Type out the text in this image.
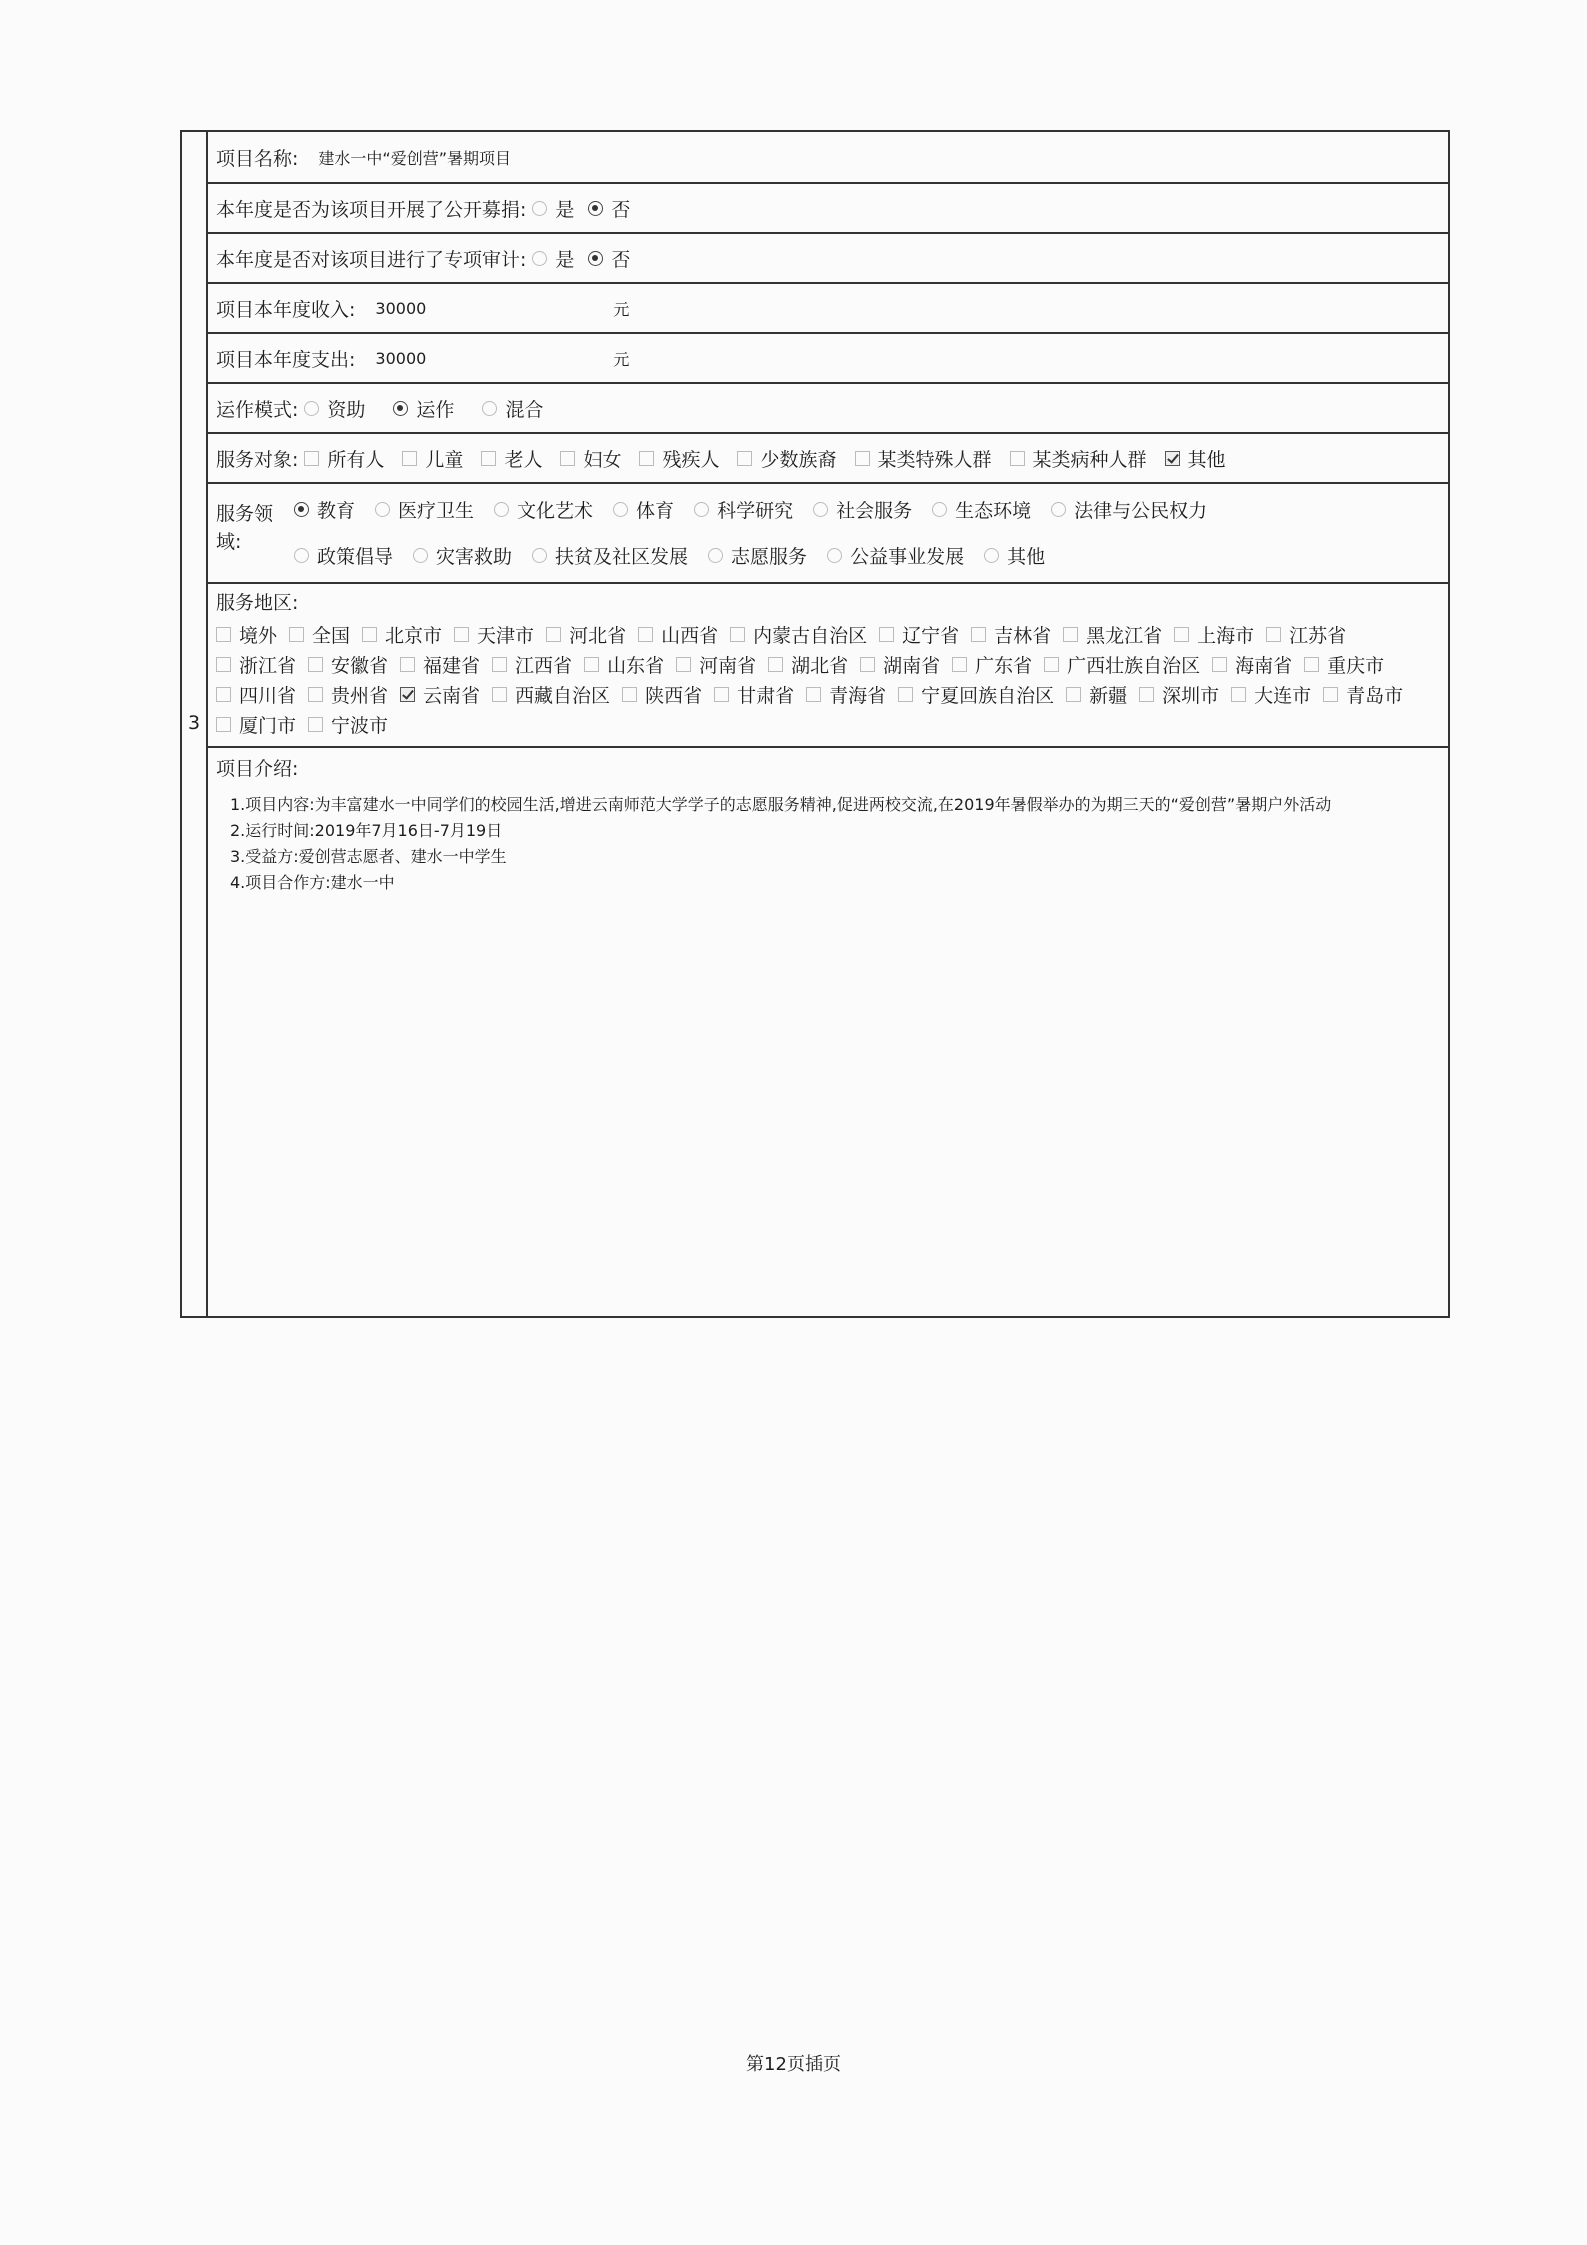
3
项目名称: 建水一中“爱创营”暑期项目
本年度是否为该项目开展了公开募捐: 是 否
本年度是否对该项目进行了专项审计: 是 否
项目本年度收入: 30000	元
项目本年度支出: 30000	元
运作模式: 资助	运作	混合
服务对象: 所有人 儿童 老人 妇女 残疾人 少数族裔 某类特殊人群 某类病种人群 其他
服务领
域:
教育 医疗卫生 文化艺术 体育 科学研究 社会服务 生态环境 法律与公民权力
政策倡导 灾害救助 扶贫及社区发展 志愿服务 公益事业发展 其他
服务地区:
境外 全国 北京市 天津市 河北省 山西省 内蒙古自治区 辽宁省 吉林省 黑龙江省 上海市 江苏省
浙江省 安徽省 福建省 江西省 山东省 河南省 湖北省 湖南省 广东省 广西壮族自治区 海南省 重庆市
四川省 贵州省 云南省 西藏自治区 陕西省 甘肃省 青海省 宁夏回族自治区 新疆 深圳市 大连市 青岛市
厦门市 宁波市
项目介绍:

1.项目内容:为丰富建水一中同学们的校园生活,增进云南师范大学学子的志愿服务精神,促进两校交流,在2019年暑假举办的为期三天的“爱创营”暑期户外活动

2.运行时间:2019年7月16日-7月19日

3.受益方:爱创营志愿者、建水一中学生

4.项目合作方:建水一中

第12页插页
